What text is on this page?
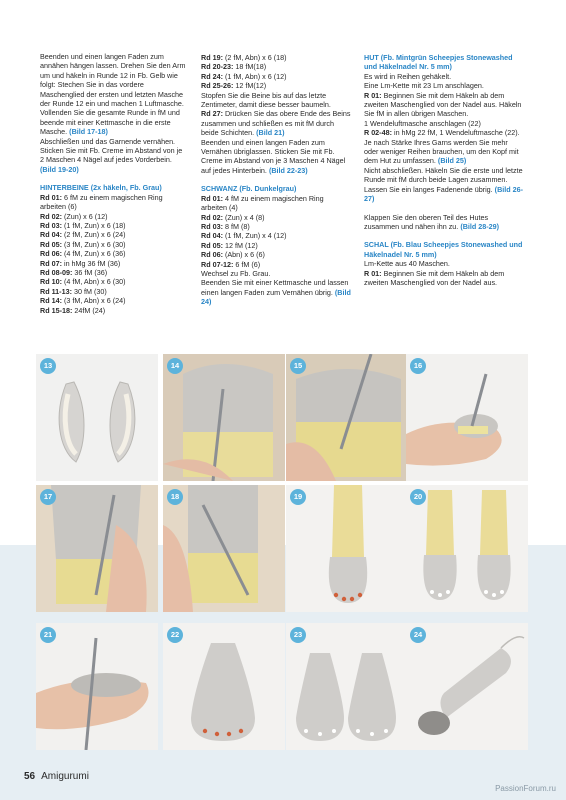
Beenden und einen langen Faden zum annähen hängen lassen. Drehen Sie den Arm um und häkeln in Runde 12 in Fb. Gelb wie folgt: Stechen Sie in das vordere Maschenglied der ersten und letzten Masche der Runde 12 ein und machen 1 Luftmasche. Vollenden Sie die gesamte Runde in fM und beende mit einer Kettmasche in die erste Masche. (Bild 17-18)

Abschließen und das Garnende vernähen. Sticken Sie mit Fb. Creme im Abstand von je 2 Maschen 4 Nägel auf jedes Vorderbein. (Bild 19-20)

HINTERBEINE (2x häkeln, Fb. Grau)

Rd 01: 6 fM zu einem magischen Ring arbeiten (6)

Rd 02: (Zun) x 6 (12)

Rd 03: (1 fM, Zun) x 6 (18)

Rd 04: (2 fM, Zun) x 6 (24)

Rd 05: (3 fM, Zun) x 6 (30)

Rd 06: (4 fM, Zun) x 6 (36)

Rd 07: in hMg 36 fM (36)

Rd 08-09: 36 fM (36)

Rd 10: (4 fM, Abn) x 6 (30)

Rd 11-13: 30 fM (30)

Rd 14: (3 fM, Abn) x 6 (24)

Rd 15-18: 24fM (24)

Rd 19: (2 fM, Abn) x 6 (18)

Rd 20-23: 18 fM(18)

Rd 24: (1 fM, Abn) x 6 (12)

Rd 25-26: 12 fM(12)

Stopfen Sie die Beine bis auf das letzte Zentimeter, damit diese besser baumeln.

Rd 27: Drücken Sie das obere Ende des Beins zusammen und schließen es mit fM durch beide Schichten. (Bild 21)

Beenden und einen langen Faden zum Vernähen übriglassen. Sticken Sie mit Fb. Creme im Abstand von je 3 Maschen 4 Nägel auf jedes Hinterbein. (Bild 22-23)

SCHWANZ (Fb. Dunkelgrau)

Rd 01: 4 fM zu einem magischen Ring arbeiten (4)

Rd 02: (Zun) x 4 (8)

Rd 03: 8 fM (8)

Rd 04: (1 fM, Zun) x 4 (12)

Rd 05: 12 fM (12)

Rd 06: (Abn) x 6 (6)

Rd 07-12: 6 fM (6)

Wechsel zu Fb. Grau.

Beenden Sie mit einer Kettmasche und lassen einen langen Faden zum Vernähen übrig. (Bild 24)

HUT (Fb. Mintgrün Scheepjes Stonewashed und Häkelnadel Nr. 5 mm)

Es wird in Reihen gehäkelt.

Eine Lm-Kette mit 23 Lm anschlagen.

R 01: Beginnen Sie mit dem Häkeln ab dem zweiten Maschenglied von der Nadel aus. Häkeln Sie fM in allen übrigen Maschen.

1 Wendeluftmasche anschlagen (22)

R 02-48: in hMg 22 fM, 1 Wendeluftmasche (22).

Je nach Stärke Ihres Garns werden Sie mehr oder weniger Reihen brauchen, um den Kopf mit dem Hut zu umfassen. (Bild 25)

Nicht abschließen. Häkeln Sie die erste und letzte Runde mit fM durch beide Lagen zusammen. Lassen Sie ein langes Fadenende übrig. (Bild 26-27)

Klappen Sie den oberen Teil des Hutes zusammen und nähen ihn zu. (Bild 28-29)

SCHAL (Fb. Blau Scheepjes Stonewashed und Häkelnadel Nr. 5 mm)

Lm-Kette aus 40 Maschen.

R 01: Beginnen Sie mit dem Häkeln ab dem zweiten Maschenglied von der Nadel aus.

13	14	15	16
17	18	19	20
21	22	23	24
56 Amigurumi
PassionForum.ru
